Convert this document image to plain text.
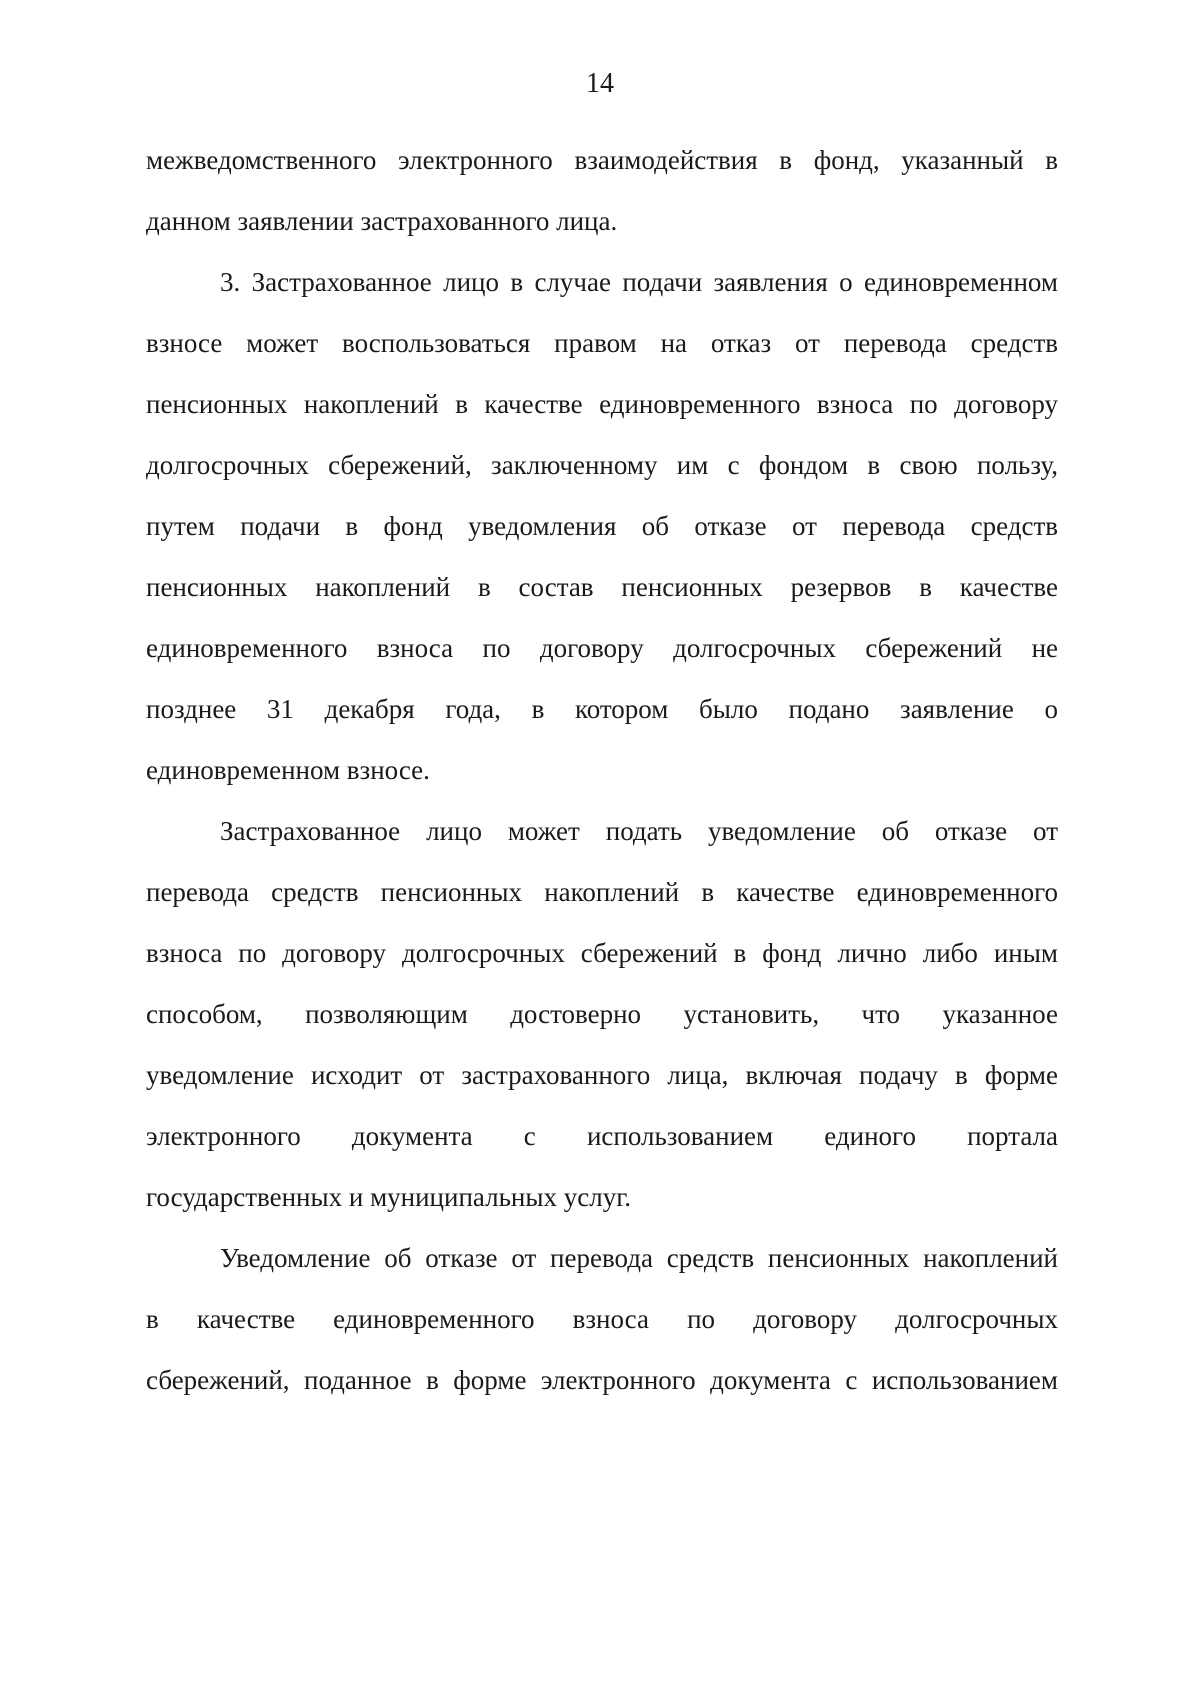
14
межведомственного электронного взаимодействия в фонд, указанный в
данном заявлении застрахованного лица.
3. Застрахованное лицо в случае подачи заявления о единовременном
взносе может воспользоваться правом на отказ от перевода средств
пенсионных накоплений в качестве единовременного взноса по договору
долгосрочных сбережений, заключенному им с фондом в свою пользу,
путем подачи в фонд уведомления об отказе от перевода средств
пенсионных накоплений в состав пенсионных резервов в качестве
единовременного взноса по договору долгосрочных сбережений не
позднее 31 декабря года, в котором было подано заявление о
единовременном взносе.
Застрахованное лицо может подать уведомление об отказе от
перевода средств пенсионных накоплений в качестве единовременного
взноса по договору долгосрочных сбережений в фонд лично либо иным
способом, позволяющим достоверно установить, что указанное
уведомление исходит от застрахованного лица, включая подачу в форме
электронного документа с использованием единого портала
государственных и муниципальных услуг.
Уведомление об отказе от перевода средств пенсионных накоплений
в качестве единовременного взноса по договору долгосрочных
сбережений, поданное в форме электронного документа с использованием
